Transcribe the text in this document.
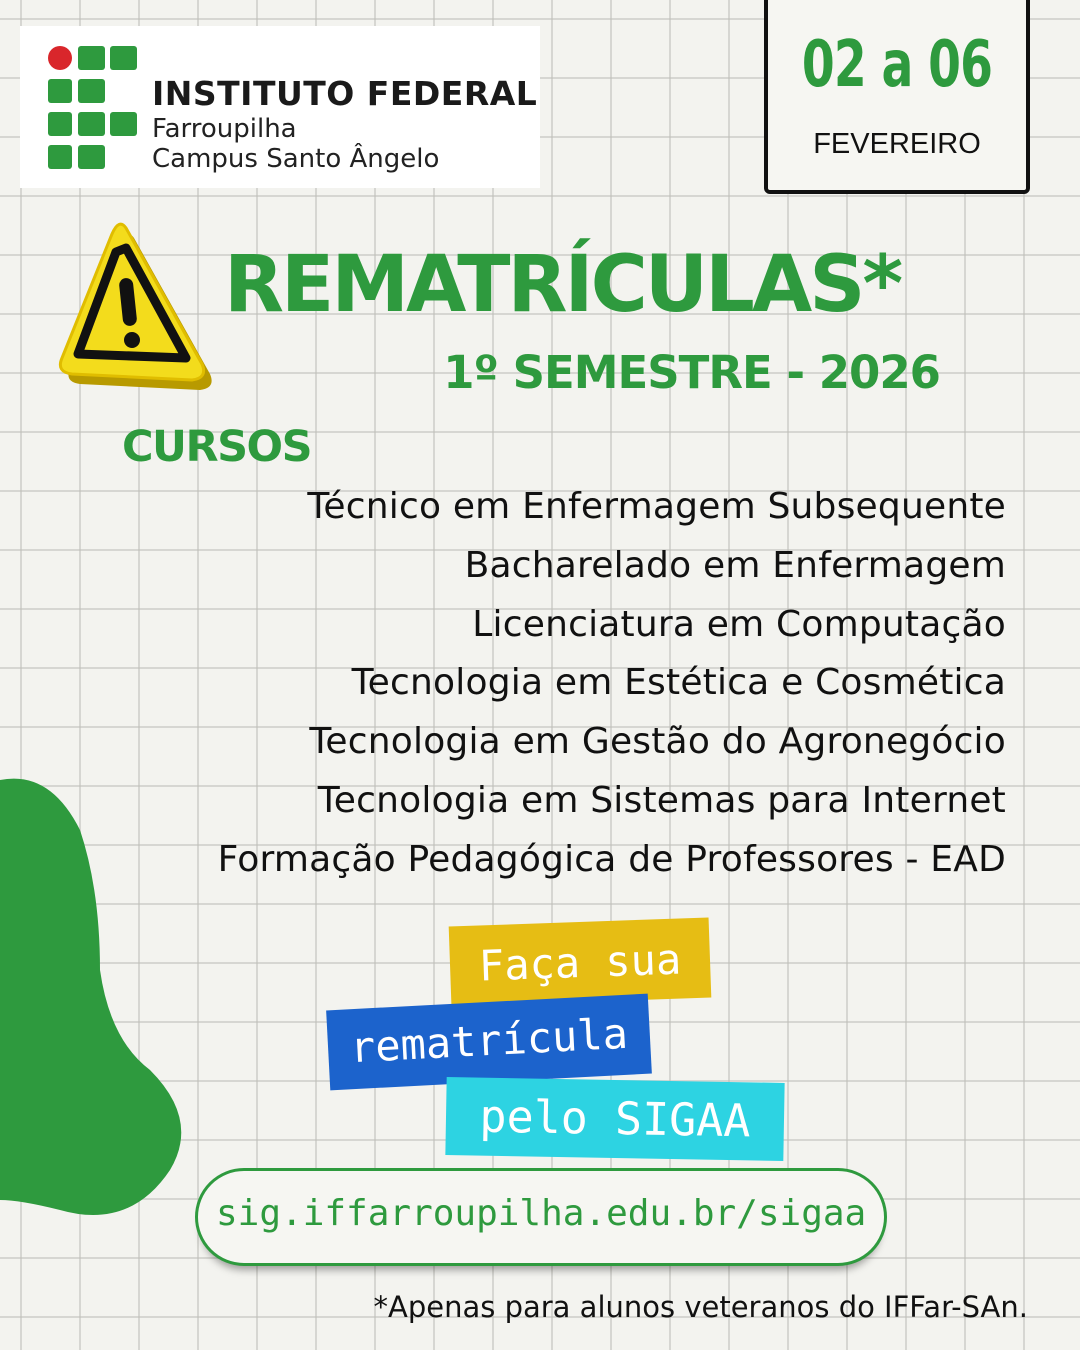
INSTITUTO FEDERAL
Farroupilha
Campus Santo Ângelo
02 a 06
FEVEREIRO
REMATRÍCULAS*
1º SEMESTRE - 2026
CURSOS
Técnico em Enfermagem Subsequente
Bacharelado em Enfermagem
Licenciatura em Computação
Tecnologia em Estética e Cosmética
Tecnologia em Gestão do Agronegócio
Tecnologia em Sistemas para Internet
Formação Pedagógica de Professores - EAD
Faça sua
rematrícula
pelo SIGAA
sig.iffarroupilha.edu.br/sigaa
*Apenas para alunos veteranos do IFFar-SAn.
